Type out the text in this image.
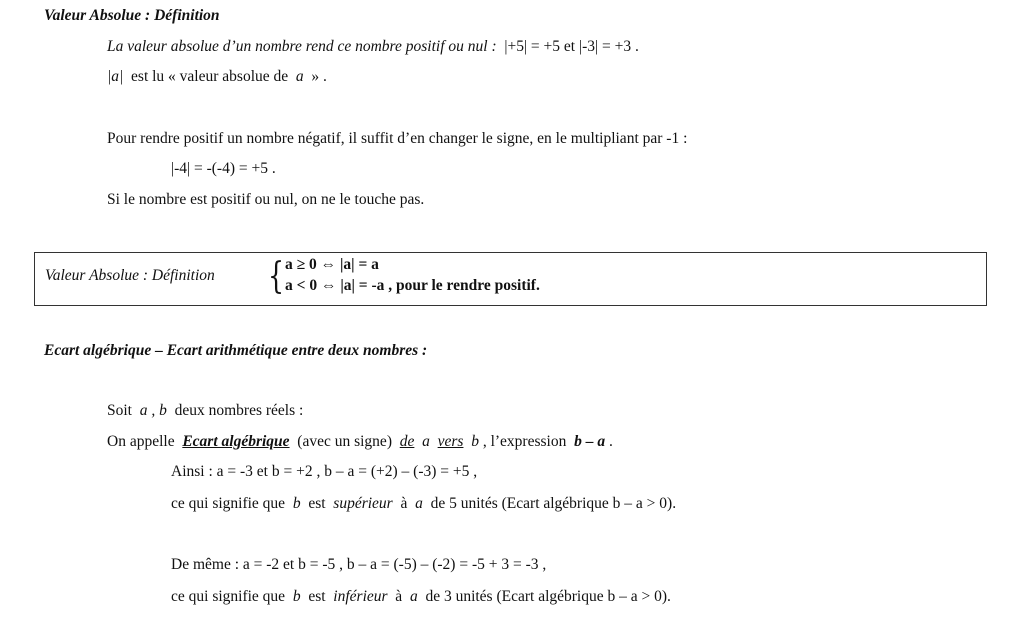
Valeur Absolue : Définition
La valeur absolue d’un nombre rend ce nombre positif ou nul : |+5| = +5 et |-3| = +3 .
|a| est lu « valeur absolue de a » .
Pour rendre positif un nombre négatif, il suffit d’en changer le signe, en le multipliant par -1 :
|-4| = -(-4) = +5 .
Si le nombre est positif ou nul, on ne le touche pas.
Valeur Absolue : Définition { a ≥ 0 ⇔ |a| = a
a < 0 ⇔ |a| = -a , pour le rendre positif.
Ecart algébrique – Ecart arithmétique entre deux nombres :
Soit a , b deux nombres réels :
On appelle Ecart algébrique (avec un signe) de a vers b , l’expression b – a .
Ainsi : a = -3 et b = +2 , b – a = (+2) – (-3) = +5 ,
ce qui signifie que b est supérieur à a de 5 unités (Ecart algébrique b – a > 0).
De même : a = -2 et b = -5 , b – a = (-5) – (-2) = -5 + 3 = -3 ,
ce qui signifie que b est inférieur à a de 3 unités (Ecart algébrique b – a > 0).
